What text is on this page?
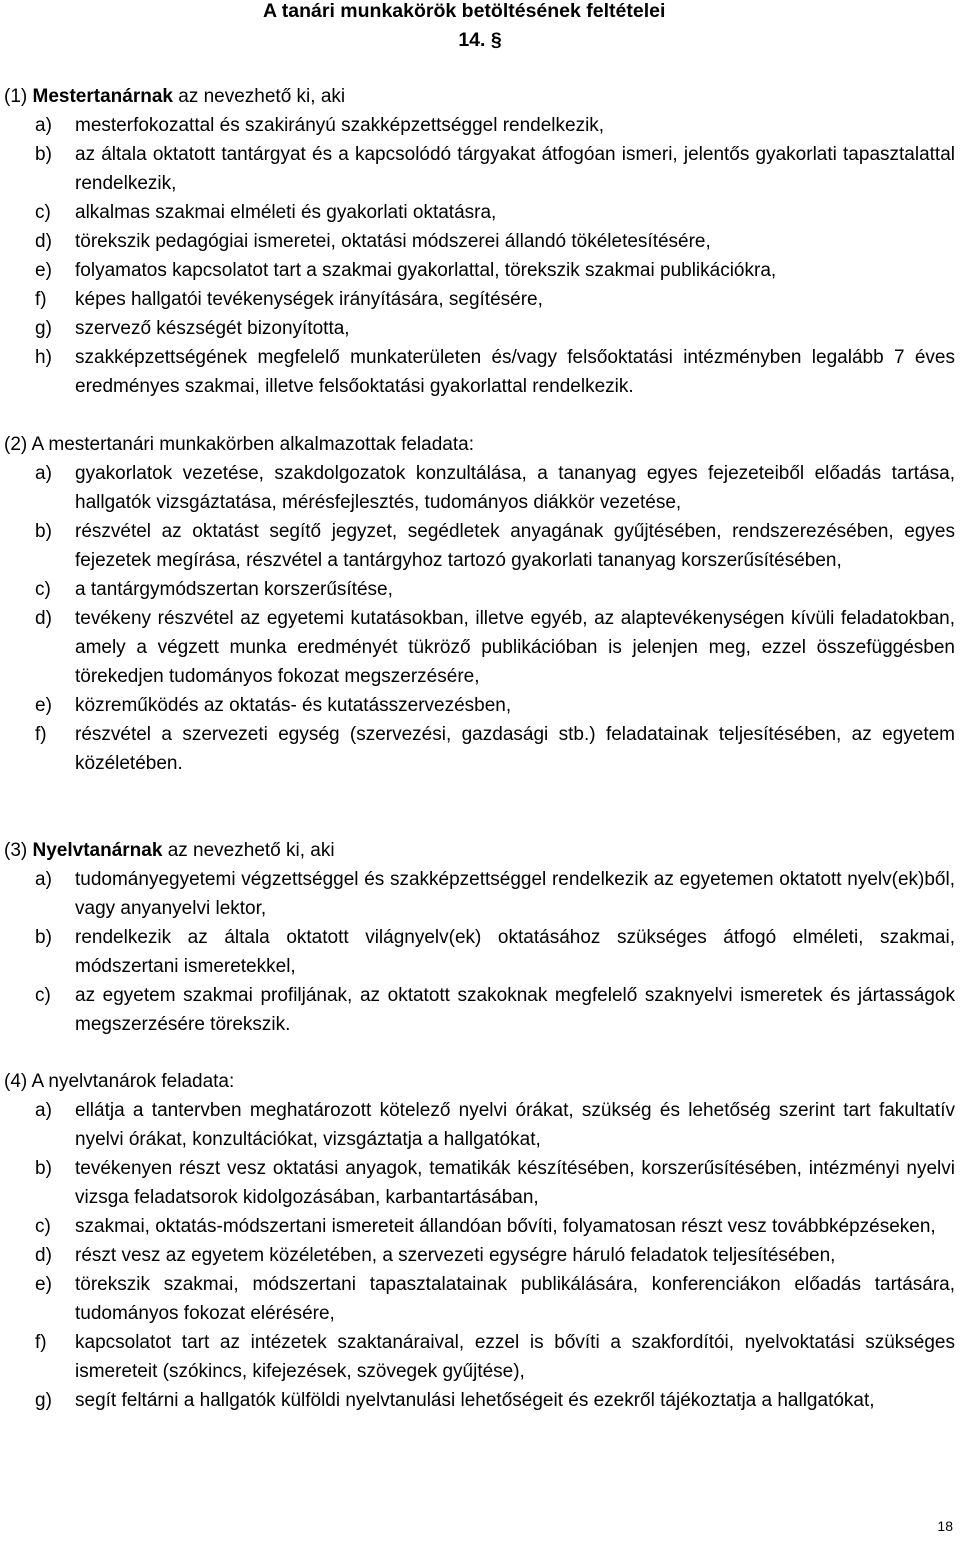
A tanári munkakörök betöltésének feltételei
14. §
(1) Mestertanárnak az nevezhető ki, aki
a) mesterfokozattal és szakirányú szakképzettséggel rendelkezik,
b) az általa oktatott tantárgyat és a kapcsolódó tárgyakat átfogóan ismeri, jelentős gyakorlati tapasztalattal rendelkezik,
c) alkalmas szakmai elméleti és gyakorlati oktatásra,
d) törekszik pedagógiai ismeretei, oktatási módszerei állandó tökéletesítésére,
e) folyamatos kapcsolatot tart a szakmai gyakorlattal, törekszik szakmai publikációkra,
f) képes hallgatói tevékenységek irányítására, segítésére,
g) szervező készségét bizonyította,
h) szakképzettségének megfelelő munkaterületen és/vagy felsőoktatási intézményben legalább 7 éves eredményes szakmai, illetve felsőoktatási gyakorlattal rendelkezik.
(2) A mestertanári munkakörben alkalmazottak feladata:
a) gyakorlatok vezetése, szakdolgozatok konzultálása, a tananyag egyes fejezeteiből előadás tartása, hallgatók vizsgáztatása, mérésfejlesztés, tudományos diákkör vezetése,
b) részvétel az oktatást segítő jegyzet, segédletek anyagának gyűjtésében, rendszerezésében, egyes fejezetek megírása, részvétel a tantárgyhoz tartozó gyakorlati tananyag korszerűsítésében,
c) a tantárgymódszertan korszerűsítése,
d) tevékeny részvétel az egyetemi kutatásokban, illetve egyéb, az alaptevékenységen kívüli feladatokban, amely a végzett munka eredményét tükröző publikációban is jelenjen meg, ezzel összefüggésben törekedjen tudományos fokozat megszerzésére,
e) közreműködés az oktatás- és kutatásszervezésben,
f) részvétel a szervezeti egység (szervezési, gazdasági stb.) feladatainak teljesítésében, az egyetem közéletében.
(3) Nyelvtanárnak az nevezhető ki, aki
a) tudományegyetemi végzettséggel és szakképzettséggel rendelkezik az egyetemen oktatott nyelv(ek)ből, vagy anyanyelvi lektor,
b) rendelkezik az általa oktatott világnyelv(ek) oktatásához szükséges átfogó elméleti, szakmai, módszertani ismeretekkel,
c) az egyetem szakmai profiljának, az oktatott szakoknak megfelelő szaknyelvi ismeretek és jártasságok megszerzésére törekszik.
(4) A nyelvtanárok feladata:
a) ellátja a tantervben meghatározott kötelező nyelvi órákat, szükség és lehetőség szerint tart fakultatív nyelvi órákat, konzultációkat, vizsgáztatja a hallgatókat,
b) tevékenyen részt vesz oktatási anyagok, tematikák készítésében, korszerűsítésében, intézményi nyelvi vizsga feladatsorok kidolgozásában, karbantartásában,
c) szakmai, oktatás-módszertani ismereteit állandóan bővíti, folyamatosan részt vesz továbbképzéseken,
d) részt vesz az egyetem közéletében, a szervezeti egységre háruló feladatok teljesítésében,
e) törekszik szakmai, módszertani tapasztalatainak publikálására, konferenciákon előadás tartására, tudományos fokozat elérésére,
f) kapcsolatot tart az intézetek szaktanáraival, ezzel is bővíti a szakfordítói, nyelvoktatási szükséges ismereteit (szókincs, kifejezések, szövegek gyűjtése),
g) segít feltárni a hallgatók külföldi nyelvtanulási lehetőségeit és ezekről tájékoztatja a hallgatókat,
18
